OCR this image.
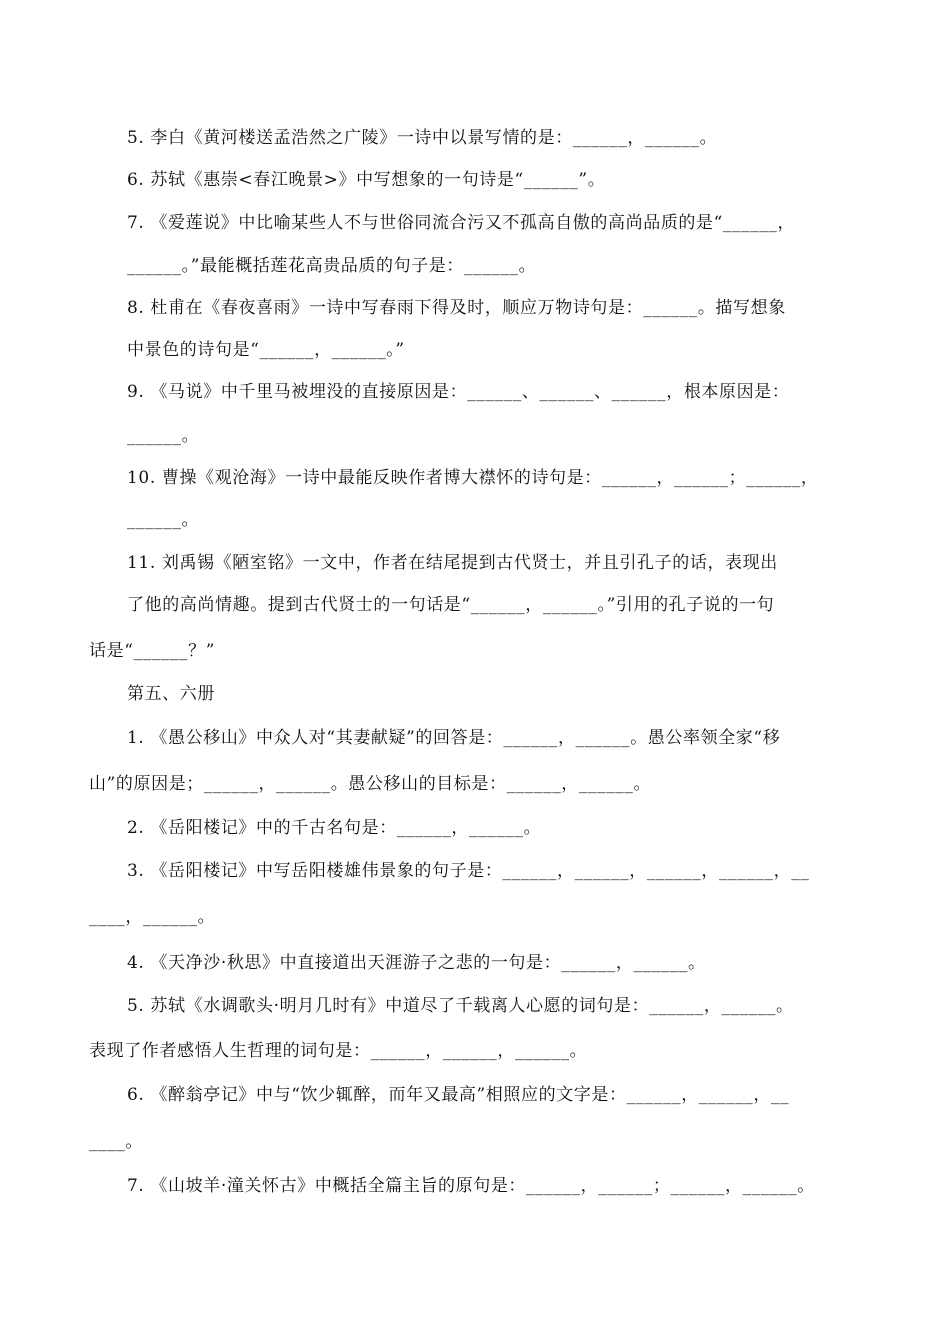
5. 李白《黄河楼送孟浩然之广陵》一诗中以景写情的是：______，______。
6. 苏轼《惠崇<春江晚景>》中写想象的一句诗是“______”。
7. 《爱莲说》中比喻某些人不与世俗同流合污又不孤高自傲的高尚品质的是“______，
______。”最能概括莲花高贵品质的句子是：______。
8. 杜甫在《春夜喜雨》一诗中写春雨下得及时，顺应万物诗句是：______。描写想象
中景色的诗句是“______，______。”
9. 《马说》中千里马被埋没的直接原因是：______、______、______，根本原因是：
______。
10. 曹操《观沧海》一诗中最能反映作者博大襟怀的诗句是：______，______；______，
______。
11. 刘禹锡《陋室铭》一文中，作者在结尾提到古代贤士，并且引孔子的话，表现出
了他的高尚情趣。提到古代贤士的一句话是“______，______。”引用的孔子说的一句
话是“______？”
第五、六册
1. 《愚公移山》中众人对“其妻献疑”的回答是：______，______。愚公率领全家“移
山”的原因是；______，______。愚公移山的目标是：______，______。
2. 《岳阳楼记》中的千古名句是：______，______。
3. 《岳阳楼记》中写岳阳楼雄伟景象的句子是：______，______，______，______，__
____，______。
4. 《天净沙·秋思》中直接道出天涯游子之悲的一句是：______，______。
5. 苏轼《水调歌头·明月几时有》中道尽了千载离人心愿的词句是：______，______。
表现了作者感悟人生哲理的词句是：______，______，______。
6. 《醉翁亭记》中与“饮少辄醉，而年又最高”相照应的文字是：______，______，__
____。
7. 《山坡羊·潼关怀古》中概括全篇主旨的原句是：______，______；______，______。
